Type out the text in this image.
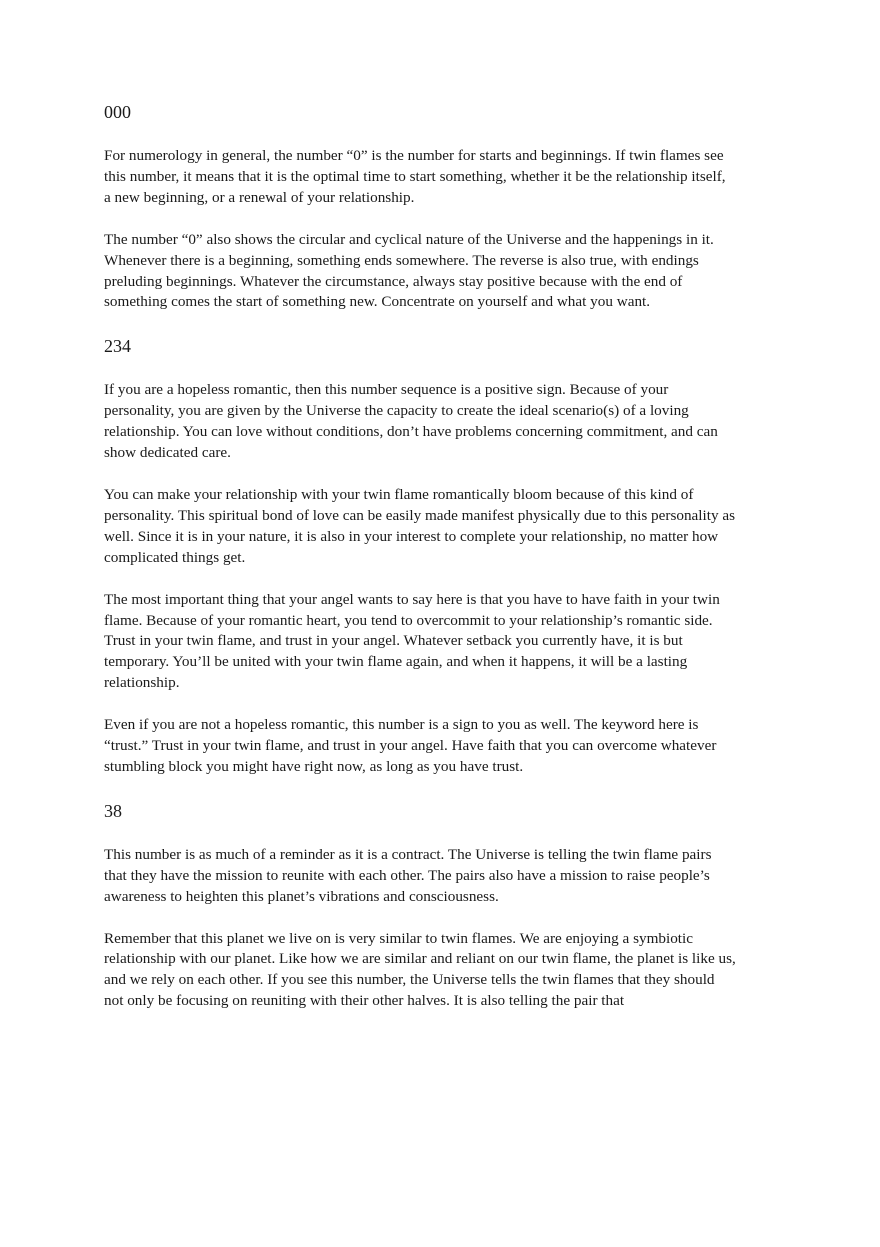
000

For numerology in general, the number “0” is the number for starts and beginnings. If twin flames see this number, it means that it is the optimal time to start something, whether it be the relationship itself, a new beginning, or a renewal of your relationship.

The number “0” also shows the circular and cyclical nature of the Universe and the happenings in it. Whenever there is a beginning, something ends somewhere. The reverse is also true, with endings preluding beginnings. Whatever the circumstance, always stay positive because with the end of something comes the start of something new. Concentrate on yourself and what you want.

234

If you are a hopeless romantic, then this number sequence is a positive sign. Because of your personality, you are given by the Universe the capacity to create the ideal scenario(s) of a loving relationship. You can love without conditions, don’t have problems concerning commitment, and can show dedicated care.

You can make your relationship with your twin flame romantically bloom because of this kind of personality. This spiritual bond of love can be easily made manifest physically due to this personality as well. Since it is in your nature, it is also in your interest to complete your relationship, no matter how complicated things get.

The most important thing that your angel wants to say here is that you have to have faith in your twin flame. Because of your romantic heart, you tend to overcommit to your relationship’s romantic side. Trust in your twin flame, and trust in your angel. Whatever setback you currently have, it is but temporary. You’ll be united with your twin flame again, and when it happens, it will be a lasting relationship.

Even if you are not a hopeless romantic, this number is a sign to you as well. The keyword here is “trust.” Trust in your twin flame, and trust in your angel. Have faith that you can overcome whatever stumbling block you might have right now, as long as you have trust.

38

This number is as much of a reminder as it is a contract. The Universe is telling the twin flame pairs that they have the mission to reunite with each other. The pairs also have a mission to raise people’s awareness to heighten this planet’s vibrations and consciousness.

Remember that this planet we live on is very similar to twin flames. We are enjoying a symbiotic relationship with our planet. Like how we are similar and reliant on our twin flame, the planet is like us, and we rely on each other. If you see this number, the Universe tells the twin flames that they should not only be focusing on reuniting with their other halves. It is also telling the pair that
